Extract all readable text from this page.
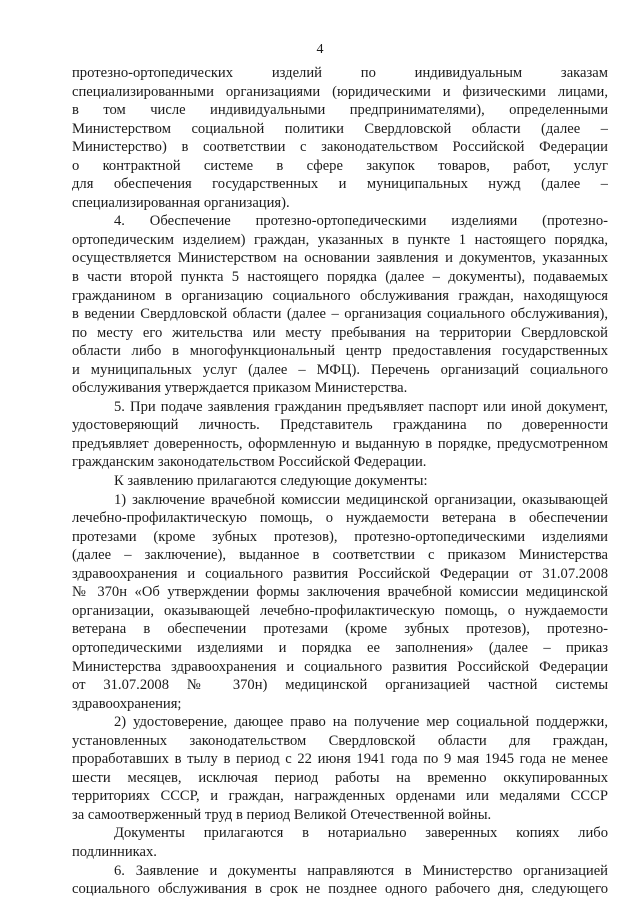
4
протезно-ортопедических изделий по индивидуальным заказам
специализированными организациями (юридическими и физическими лицами,
в том числе индивидуальными предпринимателями), определенными
Министерством социальной политики Свердловской области (далее –
Министерство) в соответствии с законодательством Российской Федерации
о контрактной системе в сфере закупок товаров, работ, услуг
для обеспечения государственных и муниципальных нужд (далее –
специализированная организация).
4. Обеспечение протезно-ортопедическими изделиями (протезно-
ортопедическим изделием) граждан, указанных в пункте 1 настоящего порядка,
осуществляется Министерством на основании заявления и документов, указанных
в части второй пункта 5 настоящего порядка (далее – документы), подаваемых
гражданином в организацию социального обслуживания граждан, находящуюся
в ведении Свердловской области (далее – организация социального обслуживания),
по месту его жительства или месту пребывания на территории Свердловской
области либо в многофункциональный центр предоставления государственных
и муниципальных услуг (далее – МФЦ). Перечень организаций социального
обслуживания утверждается приказом Министерства.
5. При подаче заявления гражданин предъявляет паспорт или иной документ,
удостоверяющий личность. Представитель гражданина по доверенности
предъявляет доверенность, оформленную и выданную в порядке, предусмотренном
гражданским законодательством Российской Федерации.
К заявлению прилагаются следующие документы:
1) заключение врачебной комиссии медицинской организации, оказывающей
лечебно-профилактическую помощь, о нуждаемости ветерана в обеспечении
протезами (кроме зубных протезов), протезно-ортопедическими изделиями
(далее – заключение), выданное в соответствии с приказом Министерства
здравоохранения и социального развития Российской Федерации от 31.07.2008
№ 370н «Об утверждении формы заключения врачебной комиссии медицинской
организации, оказывающей лечебно-профилактическую помощь, о нуждаемости
ветерана в обеспечении протезами (кроме зубных протезов), протезно-
ортопедическими изделиями и порядка ее заполнения» (далее – приказ
Министерства здравоохранения и социального развития Российской Федерации
от 31.07.2008 № 370н) медицинской организацией частной системы
здравоохранения;
2) удостоверение, дающее право на получение мер социальной поддержки,
установленных законодательством Свердловской области для граждан,
проработавших в тылу в период с 22 июня 1941 года по 9 мая 1945 года не менее
шести месяцев, исключая период работы на временно оккупированных
территориях СССР, и граждан, награжденных орденами или медалями СССР
за самоотверженный труд в период Великой Отечественной войны.
Документы прилагаются в нотариально заверенных копиях либо
подлинниках.
6. Заявление и документы направляются в Министерство организацией
социального обслуживания в срок не позднее одного рабочего дня, следующего
